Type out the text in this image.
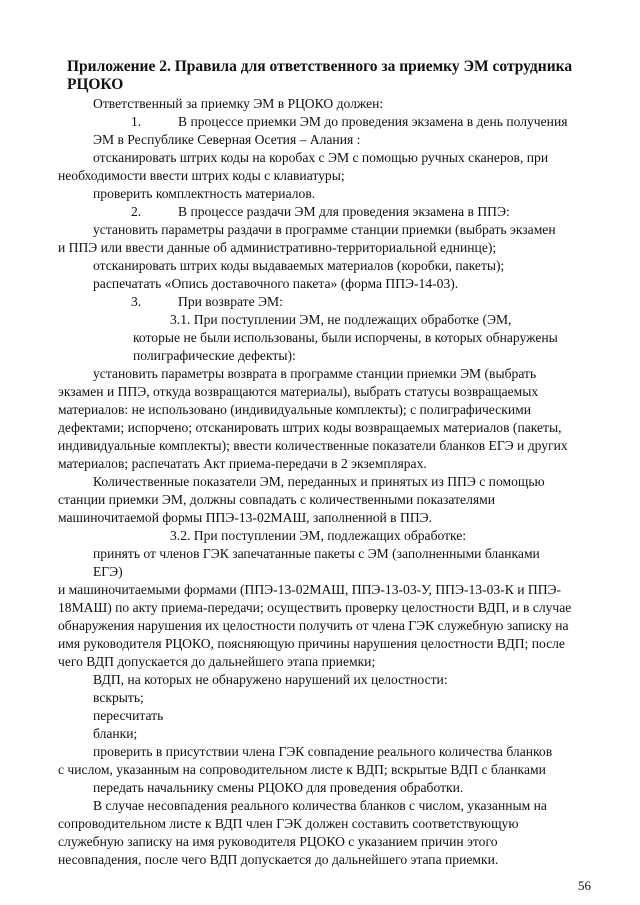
Приложение 2. Правила для ответственного за приемку ЭМ сотрудника
РЦОКО
Ответственный за приемку ЭМ в РЦОКО должен:
1.	В процессе приемки ЭМ до проведения экзамена в день получения
ЭМ в Республике Северная Осетия – Алания :
отсканировать штрих коды на коробах с ЭМ с помощью ручных сканеров, при
необходимости ввести штрих коды с клавиатуры;
проверить комплектность материалов.
2.	В процессе раздачи ЭМ для проведения экзамена в ППЭ:
установить параметры раздачи в программе станции приемки (выбрать экзамен
и ППЭ или ввести данные об административно-территориальной еднинце);
отсканировать штрих коды выдаваемых материалов (коробки, пакеты);
распечатать «Опись доставочного пакета» (форма ППЭ-14-03).
3.	При возврате ЭМ:
3.1. При поступлении ЭМ, не подлежащих обработке (ЭМ,
которые не были использованы, были испорчены, в которых обнаружены
полиграфические дефекты):
установить параметры возврата в программе станции приемки ЭМ (выбрать
экзамен и ППЭ, откуда возвращаются материалы), выбрать статусы возвращаемых
материалов: не использовано (индивидуальные комплекты); с полиграфическими
дефектами; испорчено; отсканировать штрих коды возвращаемых материалов (пакеты,
индивидуальные комплекты); ввести количественные показатели бланков ЕГЭ и других
материалов; распечатать Акт приема-передачи в 2 экземплярах.
Количественные показатели ЭМ, переданных и принятых из ППЭ с помощью
станции приемки ЭМ, должны совпадать с количественными показателями
машиночитаемой формы ППЭ-13-02МАШ, заполненной в ППЭ.
3.2. При поступлении ЭМ, подлежащих обработке:
принять от членов ГЭК запечатанные пакеты с ЭМ (заполненными бланками
ЕГЭ)
и машиночитаемыми формами (ППЭ-13-02МАШ, ППЭ-13-03-У, ППЭ-13-03-К и ППЭ-
18МАШ) по акту приема-передачи; осуществить проверку целостности ВДП, и в случае
обнаружения нарушения их целостности получить от члена ГЭК служебную записку на
имя руководителя РЦОКО, поясняющую причины нарушения целостности ВДП; после
чего ВДП допускается до дальнейшего этапа приемки;
ВДП, на которых не обнаружено нарушений их целостности:
вскрыть;
пересчитать
бланки;
проверить в присутствии члена ГЭК совпадение реального количества бланков
с числом, указанным на сопроводительном листе к ВДП; вскрытые ВДП с бланками
передать начальнику смены РЦОКО для проведения обработки.
В случае несовпадения реального количества бланков с числом, указанным на
сопроводительном листе к ВДП член ГЭК должен составить соответствующую
служебную записку на имя руководителя РЦОКО с указанием причин этого
несовпадения, после чего ВДП допускается до дальнейшего этапа приемки.
56
